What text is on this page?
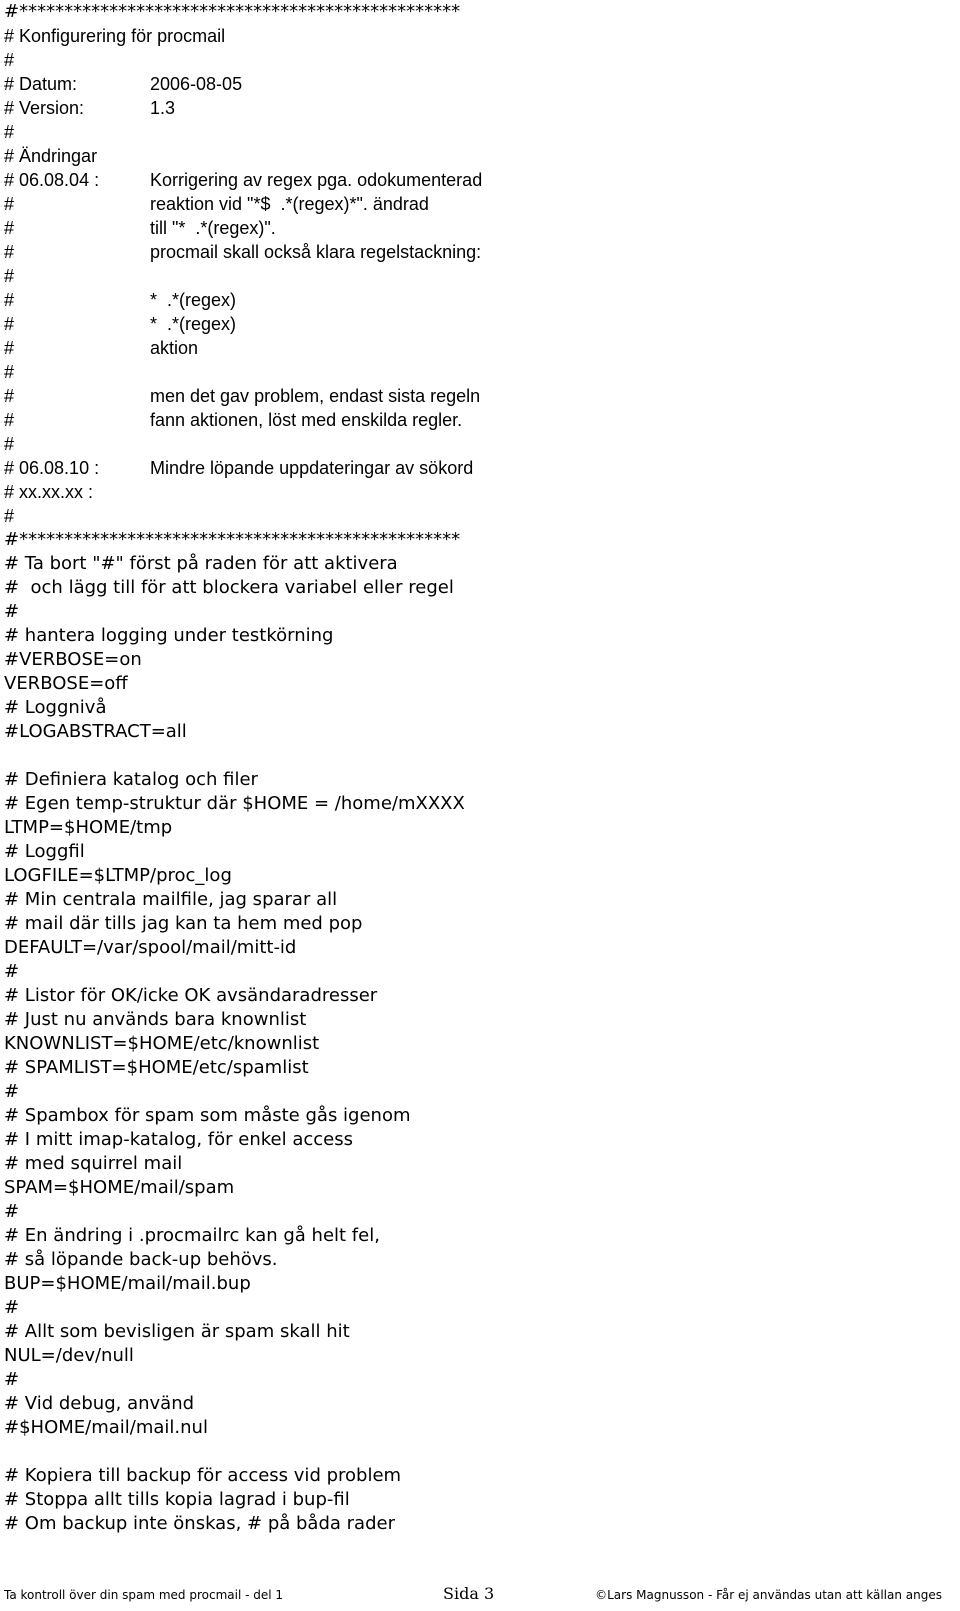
#*************************************************
# Konfigurering för procmail
#
# Datum:	2006-08-05
# Version:	1.3
#
# Ändringar
# 06.08.04 :	Korrigering av regex pga. odokumenterad
#	reaktion vid "*$  .*(regex)*". ändrad
#	till "*  .*(regex)".
#	procmail skall också klara regelstackning:
#
#	*  .*(regex)
#	*  .*(regex)
#	aktion
#
#	men det gav problem, endast sista regeln
#	fann aktionen, löst med enskilda regler.
#
# 06.08.10 :	Mindre löpande uppdateringar av sökord
# xx.xx.xx :
#
#*************************************************
# Ta bort "#" först på raden för att aktivera
#  och lägg till för att blockera variabel eller regel
#
# hantera logging under testkörning
#VERBOSE=on
VERBOSE=off
# Loggnivå
#LOGABSTRACT=all
# Definiera katalog och filer
# Egen temp-struktur där $HOME = /home/mXXXX
LTMP=$HOME/tmp
# Loggfil
LOGFILE=$LTMP/proc_log
# Min centrala mailfile, jag sparar all
# mail där tills jag kan ta hem med pop
DEFAULT=/var/spool/mail/mitt-id
#
# Listor för OK/icke OK avsändaradresser
# Just nu används bara knownlist
KNOWNLIST=$HOME/etc/knownlist
# SPAMLIST=$HOME/etc/spamlist
#
# Spambox för spam som måste gås igenom
# I mitt imap-katalog, för enkel access
# med squirrel mail
SPAM=$HOME/mail/spam
#
# En ändring i .procmailrc kan gå helt fel,
# så löpande back-up behövs.
BUP=$HOME/mail/mail.bup
#
# Allt som bevisligen är spam skall hit
NUL=/dev/null
#
# Vid debug, använd
#$HOME/mail/mail.nul
# Kopiera till backup för access vid problem
# Stoppa allt tills kopia lagrad i bup-fil
# Om backup inte önskas, # på båda rader
Ta kontroll över din spam med procmail - del 1	Sida 3	©Lars Magnusson - Får ej användas utan att källan anges
